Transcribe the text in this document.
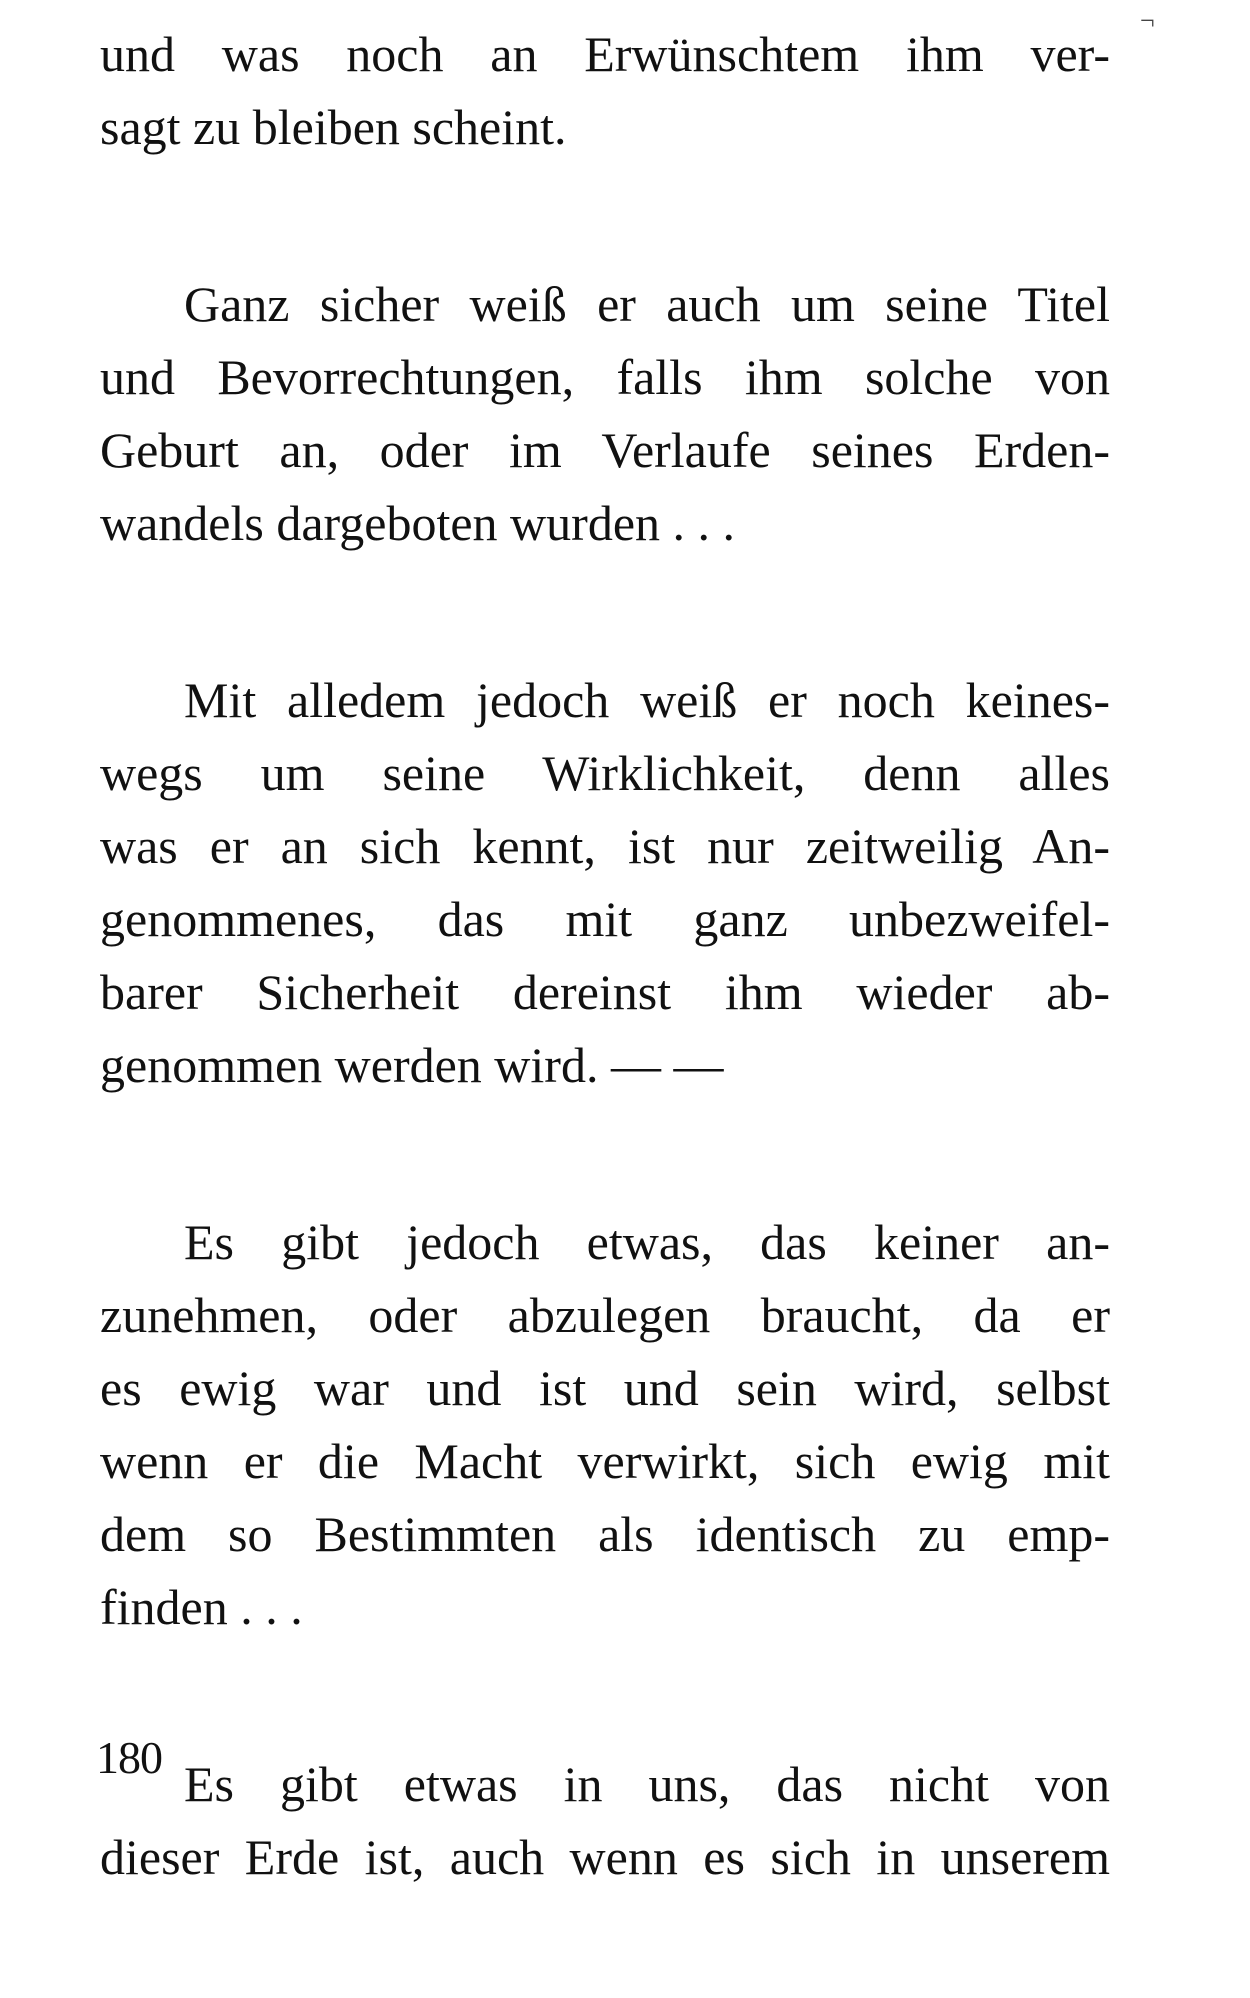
¬

und was noch an Erwünschtem ihm ver-
sagt zu bleiben scheint.

Ganz sicher weiß er auch um seine Titel
und Bevorrechtungen, falls ihm solche von
Geburt an, oder im Verlaufe seines Erden-
wandels dargeboten wurden . . .

Mit alledem jedoch weiß er noch keines-
wegs um seine Wirklichkeit, denn alles
was er an sich kennt, ist nur zeitweilig An-
genommenes, das mit ganz unbezweifel-
barer Sicherheit dereinst ihm wieder ab-
genommen werden wird. — —

Es gibt jedoch etwas, das keiner an-
zunehmen, oder abzulegen braucht, da er
es ewig war und ist und sein wird, selbst
wenn er die Macht verwirkt, sich ewig mit
dem so Bestimmten als identisch zu emp-
finden . . .

Es gibt etwas in uns, das nicht von
dieser Erde ist, auch wenn es sich in unserem

180
